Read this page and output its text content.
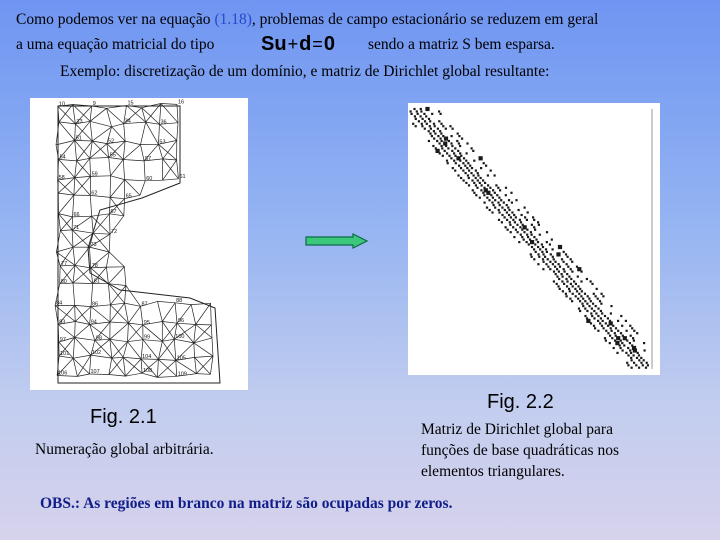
Como podemos ver na equação (1.18), problemas de campo estacionário se reduzem em geral
a uma equação matricial do tipo Su+d=0 sendo a matriz S bem esparsa.
Exemplo: discretização de um domínio, e matriz de Dirichlet global resultante:
10	9	15	16
33	34	36
51
52	53
54	55
57
58
59
60	61
62
65
66
67
71
72
73
77	78
80	81
84	86	87
88
93	94	95	96
97	98	99	100
101	102
104	105
106	107	108
109
Fig. 2.1
Numeração global arbitrária.
Fig. 2.2
Matriz de Dirichlet global para
funções de base quadráticas nos
elementos triangulares.
OBS.: As regiões em branco na matriz são ocupadas por zeros.
